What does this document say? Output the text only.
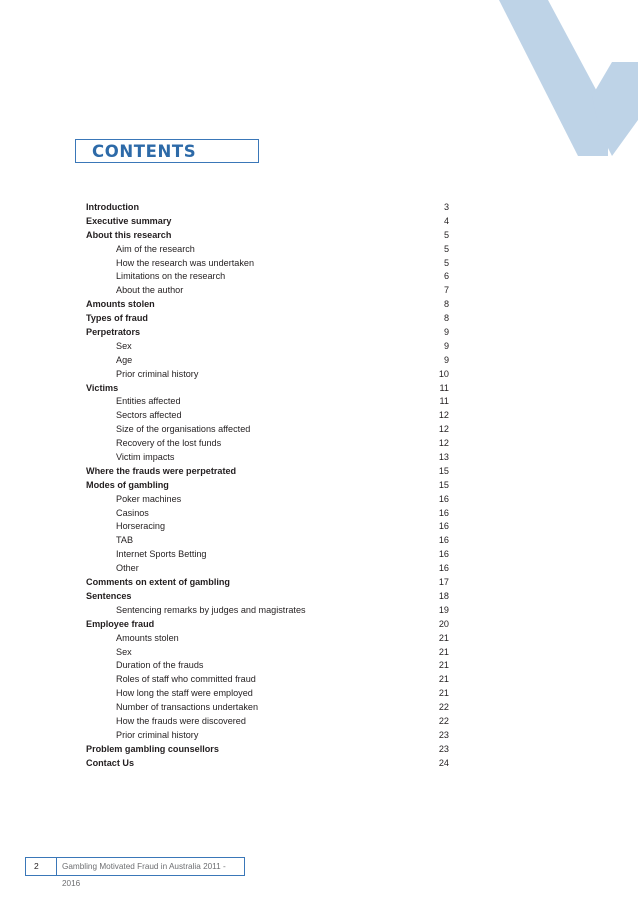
CONTENTS
Introduction	3
Executive summary	4
About this research	5
Aim of the research	5
How the research was undertaken	5
Limitations on the research	6
About the author	7
Amounts stolen	8
Types of fraud	8
Perpetrators	9
Sex	9
Age	9
Prior criminal history	10
Victims	11
Entities affected	11
Sectors affected	12
Size of the organisations affected	12
Recovery of the lost funds	12
Victim impacts	13
Where the frauds were perpetrated	15
Modes of gambling	15
Poker machines	16
Casinos	16
Horseracing	16
TAB	16
Internet Sports Betting	16
Other	16
Comments on extent of gambling	17
Sentences	18
Sentencing remarks by judges and magistrates	19
Employee fraud	20
Amounts stolen	21
Sex	21
Duration of the frauds	21
Roles of staff who committed fraud	21
How long the staff were employed	21
Number of transactions undertaken	22
How the frauds were discovered	22
Prior criminal history	23
Problem gambling counsellors	23
Contact Us	24
2	Gambling Motivated Fraud in Australia 2011 - 2016
